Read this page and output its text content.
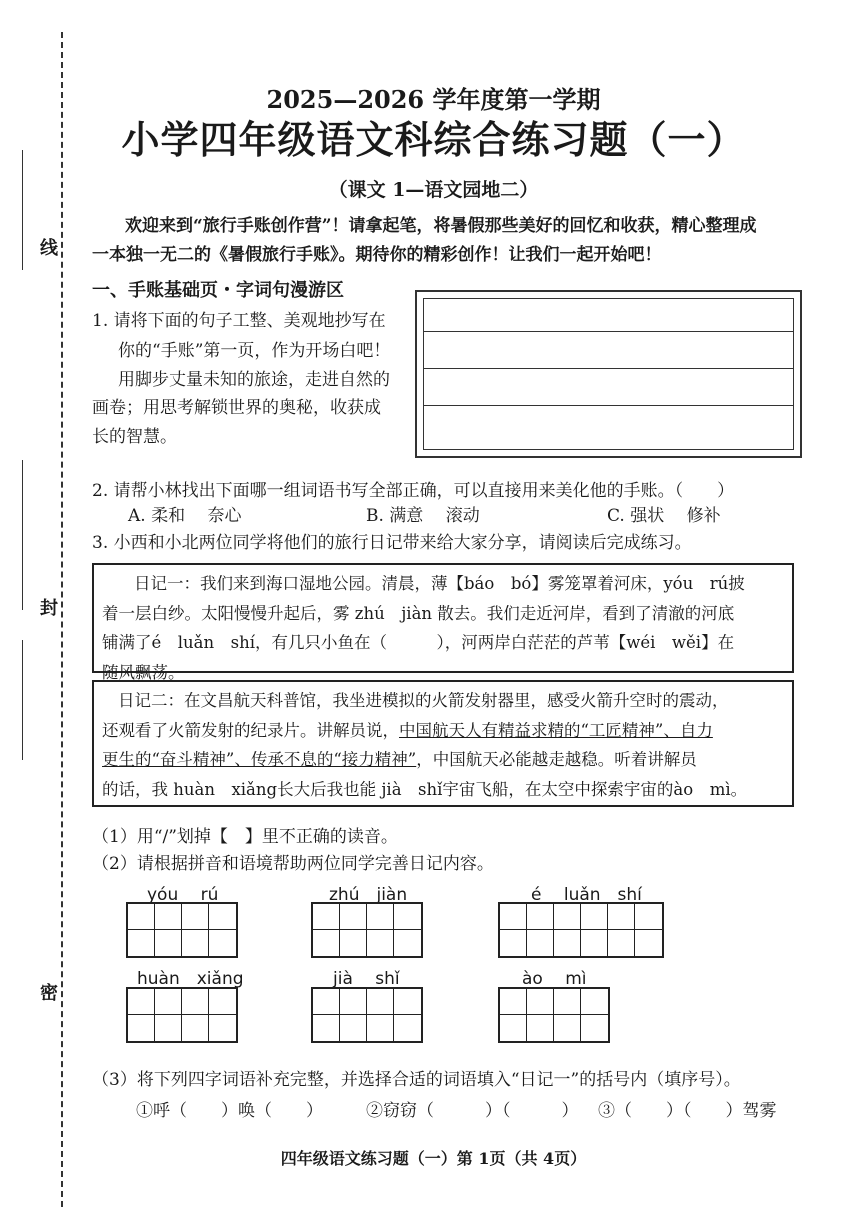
线
封
密
2025—2026 学年度第一学期
小学四年级语文科综合练习题（一）
（课文 1—语文园地二）
欢迎来到“旅行手账创作营”！请拿起笔，将暑假那些美好的回忆和收获，精心整理成
一本独一无二的《暑假旅行手账》。期待你的精彩创作！让我们一起开始吧！
一、手账基础页・字词句漫游区
1. 请将下面的句子工整、美观地抄写在
你的“手账”第一页，作为开场白吧！
用脚步丈量未知的旅途，走进自然的
画卷；用思考解锁世界的奥秘，收获成
长的智慧。
2. 请帮小林找出下面哪一组词语书写全部正确，可以直接用来美化他的手账。（　　）
A. 柔和　 奈心	B. 满意　 滚动	C. 强状　 修补
3. 小西和小北两位同学将他们的旅行日记带来给大家分享，请阅读后完成练习。
日记一：我们来到海口湿地公园。清晨，薄【báo　bó】雾笼罩着河床，yóu　rú披
着一层白纱。太阳慢慢升起后，雾 zhú　jiàn 散去。我们走近河岸，看到了清澈的河底
铺满了é　luǎn　shí，有几只小鱼在（　　　），河两岸白茫茫的芦苇【wéi　wěi】在
随风飘荡。
日记二：在文昌航天科普馆，我坐进模拟的火箭发射器里，感受火箭升空时的震动，
还观看了火箭发射的纪录片。讲解员说，中国航天人有精益求精的“工匠精神”、自力
更生的“奋斗精神”、传承不息的“接力精神”，中国航天必能越走越稳。听着讲解员
的话，我 huàn　xiǎng长大后我也能 jià　shǐ宇宙飞船，在太空中探索宇宙的ào　mì。
（1）用“/”划掉【　】里不正确的读音。
（2）请根据拼音和语境帮助两位同学完善日记内容。
yóu　 rú	zhú　jiàn	é　 luǎn　shí
huàn　xiǎng	jià　 shǐ	ào　 mì
（3）将下列四字词语补充完整，并选择合适的词语填入“日记一”的括号内（填序号）。
①呼（　　）唤（　　）	②窃窃（　　　）（　　　） ③（　　）（　　）驾雾
四年级语文练习题（一）第 1页（共 4页）
